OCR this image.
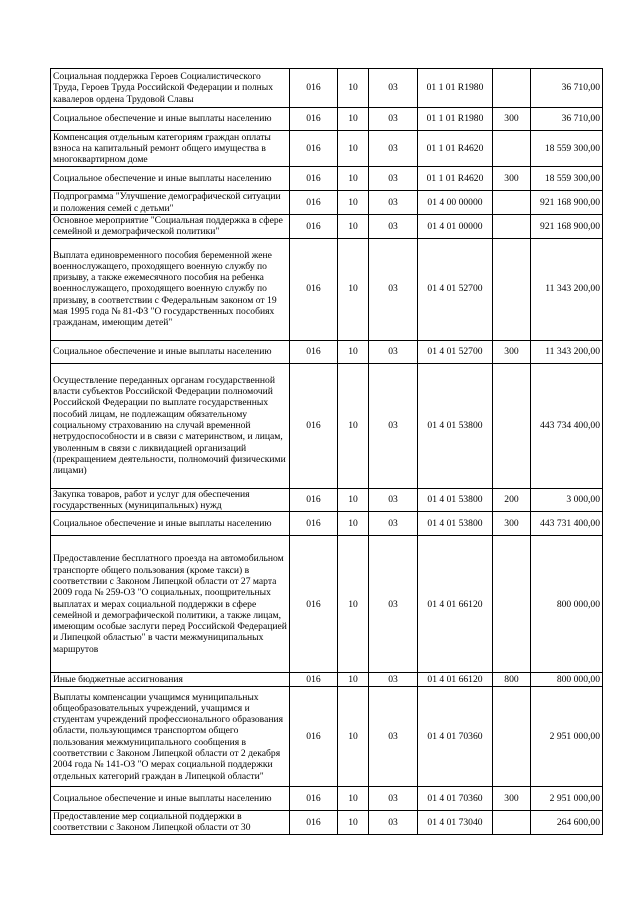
Социальная поддержка Героев Социалистического Труда, Героев Труда Российской Федерации и полных кавалеров ордена Трудовой Славы	016	10	03	01 1 01 R1980		36 710,00
Социальное обеспечение и иные выплаты населению	016	10	03	01 1 01 R1980	300	36 710,00
Компенсация отдельным категориям граждан оплаты взноса на капитальный ремонт общего имущества в многоквартирном доме	016	10	03	01 1 01 R4620		18 559 300,00
Социальное обеспечение и иные выплаты населению	016	10	03	01 1 01 R4620	300	18 559 300,00
Подпрограмма "Улучшение демографической ситуации и положения семей с детьми"	016	10	03	01 4 00 00000		921 168 900,00
Основное мероприятие "Социальная поддержка в сфере семейной и демографической политики"	016	10	03	01 4 01 00000		921 168 900,00
Выплата единовременного пособия беременной жене военнослужащего, проходящего военную службу по призыву, а также ежемесячного пособия на ребенка военнослужащего, проходящего военную службу по призыву, в соответствии с Федеральным законом от 19 мая 1995 года № 81-ФЗ "О государственных пособиях гражданам, имеющим детей"	016	10	03	01 4 01 52700		11 343 200,00
Социальное обеспечение и иные выплаты населению	016	10	03	01 4 01 52700	300	11 343 200,00
Осуществление переданных органам государственной власти субъектов Российской Федерации полномочий Российской Федерации по выплате государственных пособий лицам, не подлежащим обязательному социальному страхованию на случай временной нетрудоспособности и в связи с материнством, и лицам, уволенным в связи с ликвидацией организаций (прекращением деятельности, полномочий физическими лицами)	016	10	03	01 4 01 53800		443 734 400,00
Закупка товаров, работ и услуг для обеспечения государственных (муниципальных) нужд	016	10	03	01 4 01 53800	200	3 000,00
Социальное обеспечение и иные выплаты населению	016	10	03	01 4 01 53800	300	443 731 400,00
Предоставление бесплатного проезда на автомобильном транспорте общего пользования (кроме такси) в соответствии с Законом Липецкой области от 27 марта 2009 года № 259-ОЗ "О социальных, поощрительных выплатах и мерах социальной поддержки в сфере семейной и демографической политики, а также лицам, имеющим особые заслуги перед Российской Федерацией и Липецкой областью" в части межмуниципальных маршрутов	016	10	03	01 4 01 66120		800 000,00
Иные бюджетные ассигнования	016	10	03	01 4 01 66120	800	800 000,00
Выплаты компенсации учащимся муниципальных общеобразовательных учреждений, учащимся и студентам учреждений профессионального образования области, пользующимся транспортом общего пользования межмуниципального сообщения в соответствии с Законом Липецкой области от 2 декабря 2004 года № 141-ОЗ "О мерах социальной поддержки отдельных категорий граждан в Липецкой области"	016	10	03	01 4 01 70360		2 951 000,00
Социальное обеспечение и иные выплаты населению	016	10	03	01 4 01 70360	300	2 951 000,00
Предоставление мер социальной поддержки в соответствии с Законом Липецкой области от 30	016	10	03	01 4 01 73040		264 600,00
